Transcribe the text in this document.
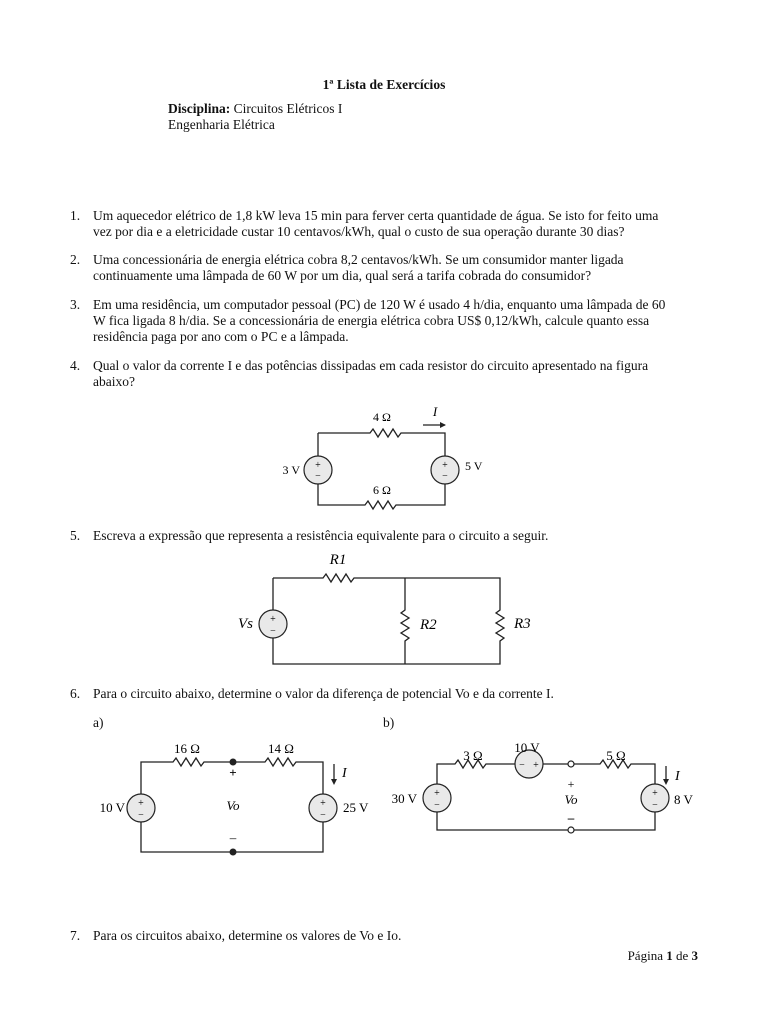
1ª Lista de Exercícios
Disciplina: Circuitos Elétricos I
Engenharia Elétrica
1. Um aquecedor elétrico de 1,8 kW leva 15 min para ferver certa quantidade de água. Se isto for feito uma
vez por dia e a eletricidade custar 10 centavos/kWh, qual o custo de sua operação durante 30 dias?
2. Uma concessionária de energia elétrica cobra 8,2 centavos/kWh. Se um consumidor manter ligada
continuamente uma lâmpada de 60 W por um dia, qual será a tarifa cobrada do consumidor?
3. Em uma residência, um computador pessoal (PC) de 120 W é usado 4 h/dia, enquanto uma lâmpada de 60
W fica ligada 8 h/dia. Se a concessionária de energia elétrica cobra US$ 0,12/kWh, calcule quanto essa
residência paga por ano com o PC e a lâmpada.
4. Qual o valor da corrente I e das potências dissipadas em cada resistor do circuito apresentado na figura
abaixo?
+
−
+
−
4 Ω
6 Ω
3 V	5 V
I
5. Escreva a expressão que representa a resistência equivalente para o circuito a seguir.
+
−
R1
R2	R3
Vs
6. Para o circuito abaixo, determine o valor da diferença de potencial Vo e da corrente I.
a)	b)
+
−
+
−
16 Ω	14 Ω
10 V	25 V
+
Vo
–
I
− +
+
−
+
−
3 Ω
10 V
5 Ω
30 V	8 V
+
Vo
–
I
7. Para os circuitos abaixo, determine os valores de Vo e Io.
Página 1 de 3
